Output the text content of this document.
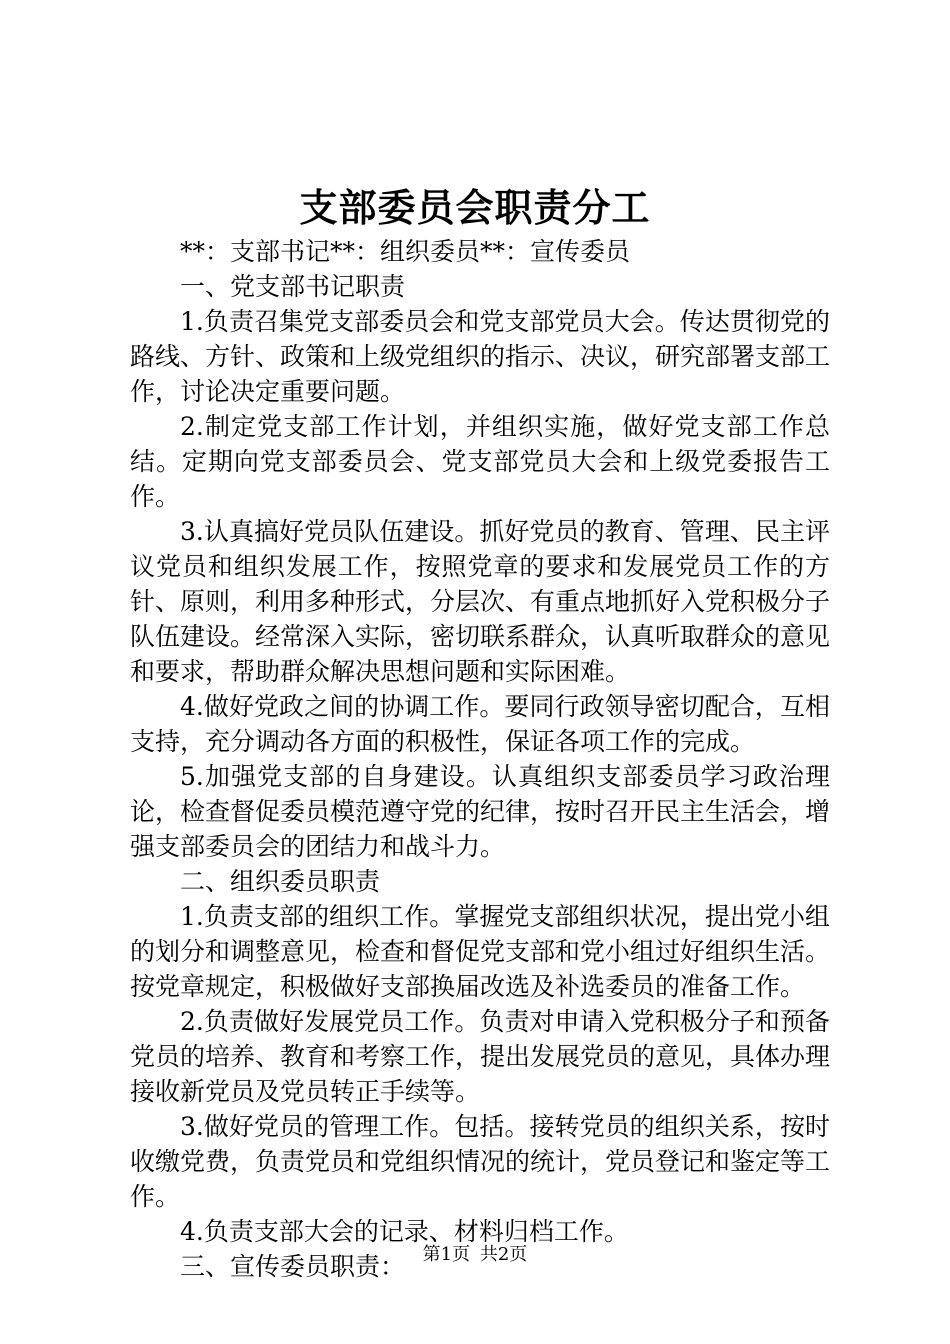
支部委员会职责分工

**：支部书记**：组织委员**：宣传委员

一、党支部书记职责

1.负责召集党支部委员会和党支部党员大会。传达贯彻党的路线、方针、政策和上级党组织的指示、决议，研究部署支部工作，讨论决定重要问题。

2.制定党支部工作计划，并组织实施，做好党支部工作总结。定期向党支部委员会、党支部党员大会和上级党委报告工作。

3.认真搞好党员队伍建设。抓好党员的教育、管理、民主评议党员和组织发展工作，按照党章的要求和发展党员工作的方针、原则，利用多种形式，分层次、有重点地抓好入党积极分子队伍建设。经常深入实际，密切联系群众，认真听取群众的意见和要求，帮助群众解决思想问题和实际困难。

4.做好党政之间的协调工作。要同行政领导密切配合，互相支持，充分调动各方面的积极性，保证各项工作的完成。

5.加强党支部的自身建设。认真组织支部委员学习政治理论，检查督促委员模范遵守党的纪律，按时召开民主生活会，增强支部委员会的团结力和战斗力。

二、组织委员职责

1.负责支部的组织工作。掌握党支部组织状况，提出党小组的划分和调整意见，检查和督促党支部和党小组过好组织生活。按党章规定，积极做好支部换届改选及补选委员的准备工作。

2.负责做好发展党员工作。负责对申请入党积极分子和预备党员的培养、教育和考察工作，提出发展党员的意见，具体办理接收新党员及党员转正手续等。

3.做好党员的管理工作。包括。接转党员的组织关系，按时收缴党费，负责党员和党组织情况的统计，党员登记和鉴定等工作。

4.负责支部大会的记录、材料归档工作。

三、宣传委员职责： 第1页 共2页
